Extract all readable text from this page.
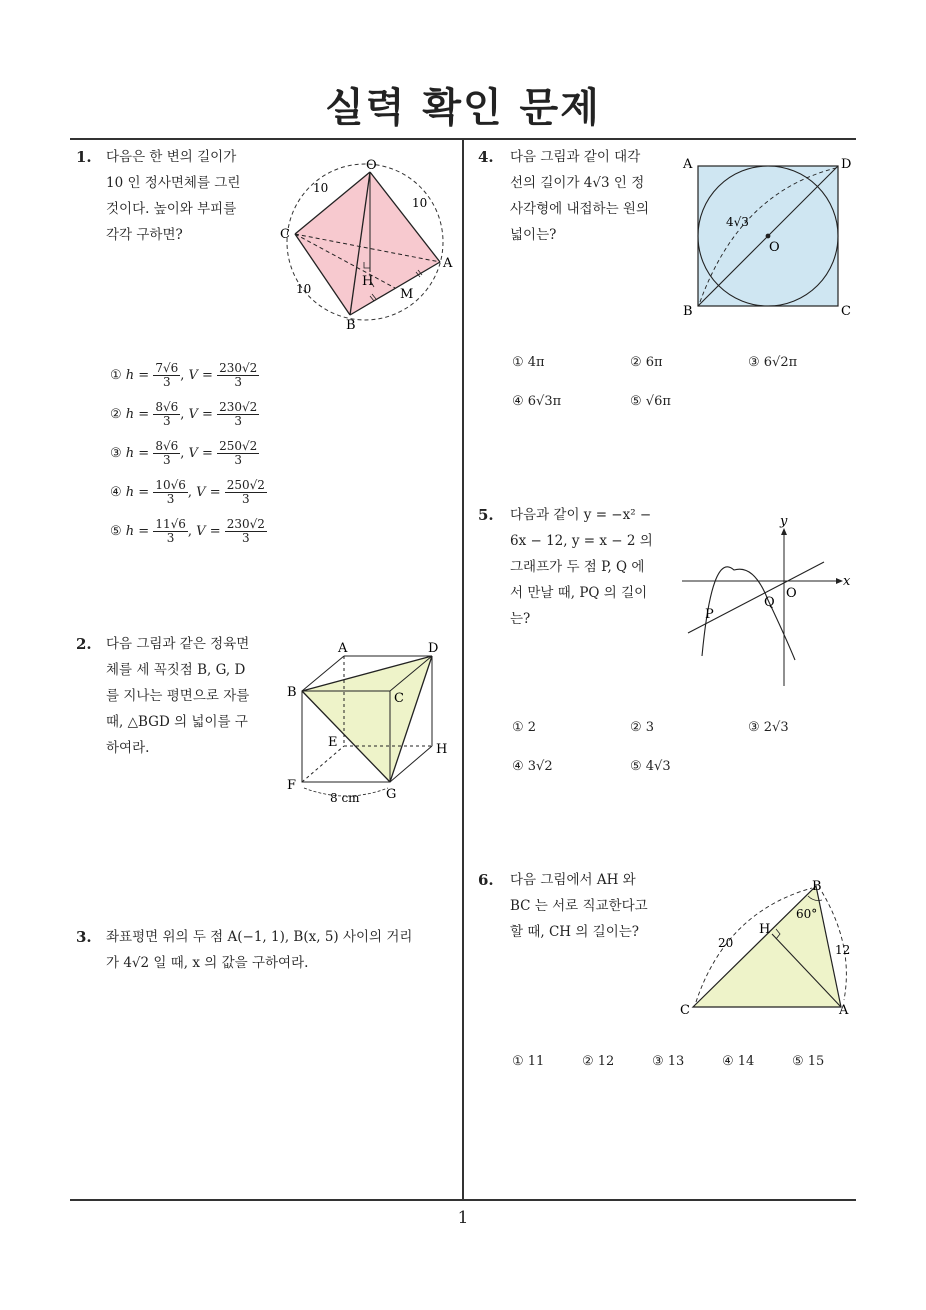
실력 확인 문제
1. 다음은 한 변의 길이가
10 인 정사면체를 그린
것이다. 높이와 부피를
각각 구하면?
O
A
B
C
H
M
10
10
10
①
$h = \frac{7√6}{3}$ , $V = \frac{230√2}{3}$
②
$h = \frac{8√6}{3}$ , $V = \frac{230√2}{3}$
③
$h = \frac{8√6}{3}$ , $V = \frac{250√2}{3}$
④
$h = \frac{10√6}{3}$ , $V = \frac{250√2}{3}$
⑤
$h = \frac{11√6}{3}$ , $V = \frac{230√2}{3}$
2. 다음 그림과 같은 정육면
체를 세 꼭짓점 B, G, D
를 지나는 평면으로 자를
때, △BGD 의 넓이를 구
하여라.
A	D
B	C
E	H
F
G
8 cm
3. 좌표평면 위의 두 점 A(−1, 1), B(x, 5) 사이의 거리
가 4√2 일 때, x 의 값을 구하여라.
4. 다음 그림과 같이 대각
선의 길이가 4√3 인 정
사각형에 내접하는 원의
넓이는?
A	D
B	C
O
4√3
① 4π	② 6π	③ 6√2π
④ 6√3π	⑤ √6π
5. 다음과 같이 y = −x² −
6x − 12, y = x − 2 의
그래프가 두 점 P, Q 에
서 만날 때, PQ 의 길이
는?
y
x
O
Q
P
① 2	② 3	③ 2√3
④ 3√2	⑤ 4√3
6. 다음 그림에서 AH 와
BC 는 서로 직교한다고
할 때, CH 의 길이는?
B
C	A
H
60°
20	12
① 11	② 12	③ 13	④ 14	⑤ 15
1
